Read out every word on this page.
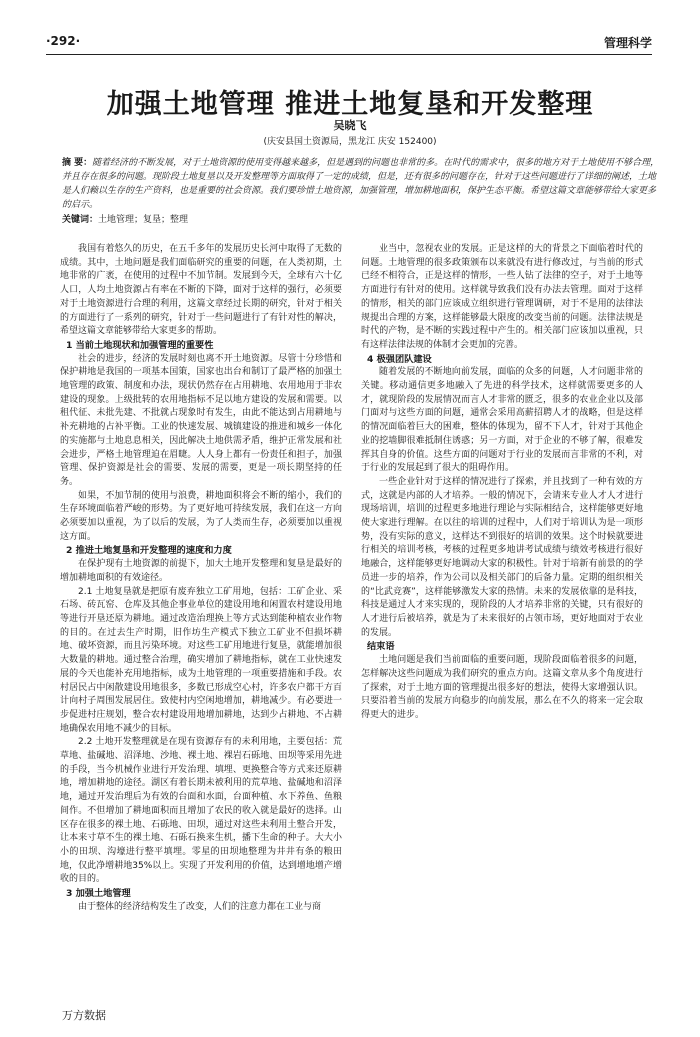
·292·	管理科学
加强土地管理 推进土地复垦和开发整理
吴晓飞
(庆安县国土资源局，黑龙江 庆安 152400)
摘 要：随着经济的不断发展，对于土地资源的使用变得越来越多，但是遇到的问题也非常的多。在时代的需求中，很多的地方对于土地使用不够合理，并且存在很多的问题。现阶段土地复垦以及开发整理等方面取得了一定的成绩，但是，还有很多的问题存在，针对于这些问题进行了详细的阐述，土地是人们赖以生存的生产资料，也是重要的社会资源。我们要珍惜土地资源，加强管理，增加耕地面积，保护生态平衡。希望这篇文章能够带给大家更多的启示。
关键词：土地管理；复垦；整理

我国有着悠久的历史，在五千多年的发展历史长河中取得了无数的成绩。其中，土地问题是我们面临研究的重要的问题，在人类初期，土地非常的广袤，在使用的过程中不加节制。发展到今天，全球有六十亿人口，人均土地资源占有率在不断的下降，面对于这样的强行，必须要对于土地资源进行合理的利用，这篇文章经过长期的研究，针对于相关的方面进行了一系列的研究，针对于一些问题进行了有针对性的解决，希望这篇文章能够带给大家更多的帮助。

1 当前土地现状和加强管理的重要性

社会的进步，经济的发展时刻也离不开土地资源。尽管十分珍惜和保护耕地是我国的一项基本国策，国家也出台和制订了最严格的加强土地管理的政策、制度和办法，现状仍然存在占用耕地、农用地用于非农建设的现象。上级批转的农用地指标不足以地方建设的发展和需要。以租代征、未批先建、不批就占现象时有发生，由此不能达到占用耕地与补充耕地的占补平衡。工业的快速发展、城镇建设的推进和城乡一体化的实施都与土地息息相关，因此解决土地供需矛盾，维护正常发展和社会进步，严格土地管理迫在眉睫。人人身上都有一份责任和担子，加强管理、保护资源是社会的需要、发展的需要，更是一项长期坚持的任务。

如果，不加节制的使用与浪费，耕地面积将会不断的缩小，我们的生存环境面临着严峻的形势。为了更好地可持续发展，我们在这一方向必须要加以重视，为了以后的发展，为了人类而生存，必须要加以重视这方面。

2 推进土地复垦和开发整理的速度和力度

在保护现有土地资源的前提下，加大土地开发整理和复垦是最好的增加耕地面积的有效途径。

2.1 土地复垦就是把原有废弃独立工矿用地，包括：工矿企业、采石场、砖瓦窑、仓库及其他企事业单位的建设用地和闲置农村建设用地等进行开垦还原为耕地。通过改造治理换上等方式达到能种植农业作物的目的。在过去生产时期，旧作坊生产模式下独立工矿业不但损坏耕地、破坏资源，而且污染环境。对这些工矿用地进行复垦，就能增加很大数量的耕地。通过整合治理，确实增加了耕地指标，就在工业快速发展的今天也能补充用地指标，成为土地管理的一项重要措施和手段。农村居民占中闲散建设用地很多，多数已形成空心村，许多农户都干方百计向村子周围发展居住。致使村内空闲地增加，耕地减少。有必要进一步促进村庄规划，整合农村建设用地增加耕地，达到少占耕地、不占耕地确保农用地不减少的目标。

2.2 土地开发整理就是在现有资源存有的未利用地，主要包括：荒草地、盐碱地、沼泽地、沙地、裸土地、裸岩石砾地、田坝等采用先进的手段，当今机械作业进行开发治理、填埋、更换整合等方式来还原耕地，增加耕地的途径。湖区有着长期未被利用的荒草地、盐碱地和沼泽地，通过开发治理后为有效的台面和水面，台面种植、水下养鱼、鱼粮间作。不但增加了耕地面积而且增加了农民的收入就是最好的选择。山区存在很多的裸土地、石砾地、田坝，通过对这些未利用土整合开发，让本来寸草不生的裸土地、石砾石换来生机，播下生命的种子。大大小小的田坝、沟壕进行整平填埋。零星的田坝地整理为井井有条的粮田地，仅此净增耕地35%以上。实现了开发利用的价值，达到增地增产增收的目的。

3 加强土地管理

由于整体的经济结构发生了改变，人们的注意力都在工业与商

业当中，忽视农业的发展。正是这样的大的背景之下面临着时代的问题。土地管理的很多政策颁布以来就没有进行修改过，与当前的形式已经不相符合，正是这样的情形，一些人钻了法律的空子，对于土地等方面进行有针对的使用。这样就导致我们没有办法去管理。面对于这样的情形，相关的部门应该成立组织进行管理调研，对于不是用的法律法规提出合理的方案，这样能够最大限度的改变当前的问题。法律法规是时代的产物，是不断的实践过程中产生的。相关部门应该加以重视，只有这样法律法规的体制才会更加的完善。

4 极强团队建设

随着发展的不断地向前发展，面临的众多的问题，人才问题非常的关键。移动通信更多地融入了先进的科学技术，这样就需要更多的人才，就现阶段的发展情况而言人才非常的匮乏，很多的农业企业以及部门面对与这些方面的问题，通常会采用高薪招聘人才的战略，但是这样的情况面临着巨大的困难，整体的体现为，留不下人才，针对于其他企业的挖墙脚很难抵制住诱惑；另一方面，对于企业的不够了解，很难发挥其自身的价值。这些方面的问题对于行业的发展而言非常的不利，对于行业的发展起到了很大的阻碍作用。

一些企业针对于这样的情况进行了探索，并且找到了一种有效的方式，这就是内部的人才培养。一般的情况下，会请来专业人才人才进行现场培训，培训的过程更多地进行理论与实际相结合，这样能够更好地使大家进行理解。在以往的培训的过程中，人们对于培训认为是一项形势，没有实际的意义，这样达不到很好的培训的效果。这个时候就要进行相关的培训考核，考核的过程更多地讲考试成绩与绩效考核进行很好地融合，这样能够更好地调动大家的积极性。针对于培新有前景的的学员进一步的培养，作为公司以及相关部门的后备力量。定期的组织相关的“比武竞赛”，这样能够激发大家的热情。未来的发展依靠的是科技，科技是通过人才来实现的，现阶段的人才培养非常的关键，只有很好的人才进行后被培养，就是为了未来很好的占领市场，更好地面对于农业的发展。

结束语

土地问题是我们当前面临的重要问题，现阶段面临着很多的问题，怎样解决这些问题成为我们研究的重点方向。这篇文章从多个角度进行了探索，对于土地方面的管理提出很多好的想法，使得大家增强认识。只要沿着当前的发展方向稳步的向前发展，那么在不久的将来一定会取得更大的进步。

万方数据
